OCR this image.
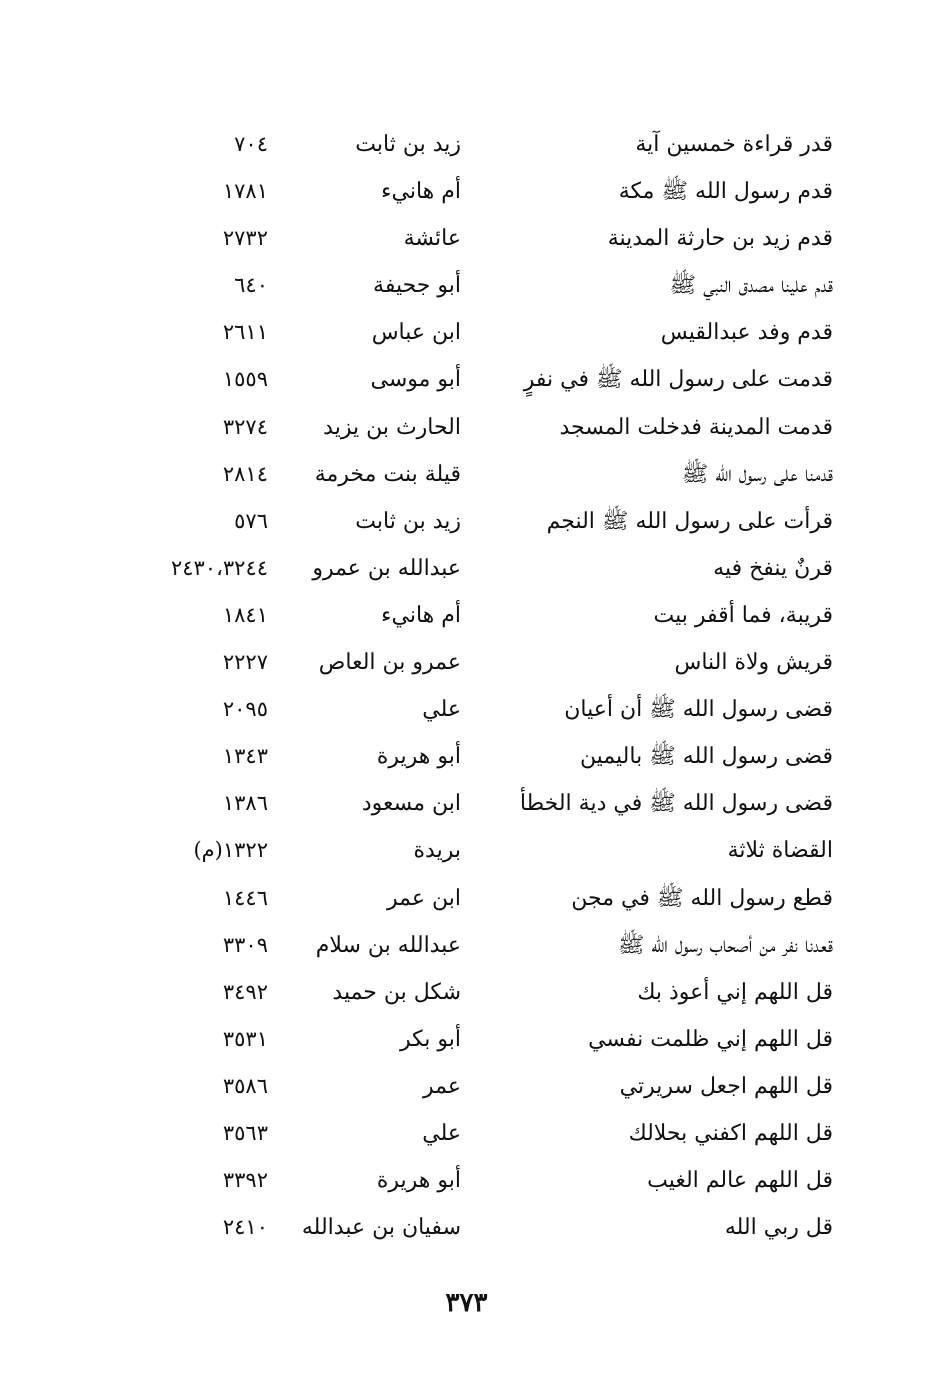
قدر قراءة خمسين آية
زيد بن ثابت
٧٠٤
قدم رسول الله ﷺ مكة
أم هانيء
١٧٨١
قدم زيد بن حارثة المدينة
عائشة
٢٧٣٢
قدم علينا مصدق النبي ﷺ
أبو جحيفة
٦٤٠
قدم وفد عبدالقيس
ابن عباس
٢٦١١
قدمت على رسول الله ﷺ في نفرٍ
أبو موسى
١٥٥٩
قدمت المدينة فدخلت المسجد
الحارث بن يزيد
٣٢٧٤
قدمنا على رسول الله ﷺ
قيلة بنت مخرمة
٢٨١٤
قرأت على رسول الله ﷺ النجم
زيد بن ثابت
٥٧٦
قرنٌ ينفخ فيه
عبدالله بن عمرو
٢٤٣٠،٣٢٤٤
قريبة، فما أقفر بيت
أم هانيء
١٨٤١
قريش ولاة الناس
عمرو بن العاص
٢٢٢٧
قضى رسول الله ﷺ أن أعيان
علي
٢٠٩٥
قضى رسول الله ﷺ باليمين
أبو هريرة
١٣٤٣
قضى رسول الله ﷺ في دية الخطأ
ابن مسعود
١٣٨٦
القضاة ثلاثة
بريدة
١٣٢٢(م)
قطع رسول الله ﷺ في مجن
ابن عمر
١٤٤٦
قعدنا نفر من أصحاب رسول الله ﷺ
عبدالله بن سلام
٣٣٠٩
قل اللهم إني أعوذ بك
شكل بن حميد
٣٤٩٢
قل اللهم إني ظلمت نفسي
أبو بكر
٣٥٣١
قل اللهم اجعل سريرتي
عمر
٣٥٨٦
قل اللهم اكفني بحلالك
علي
٣٥٦٣
قل اللهم عالم الغيب
أبو هريرة
٣٣٩٢
قل ربي الله
سفيان بن عبدالله
٢٤١٠
٣٧٣
